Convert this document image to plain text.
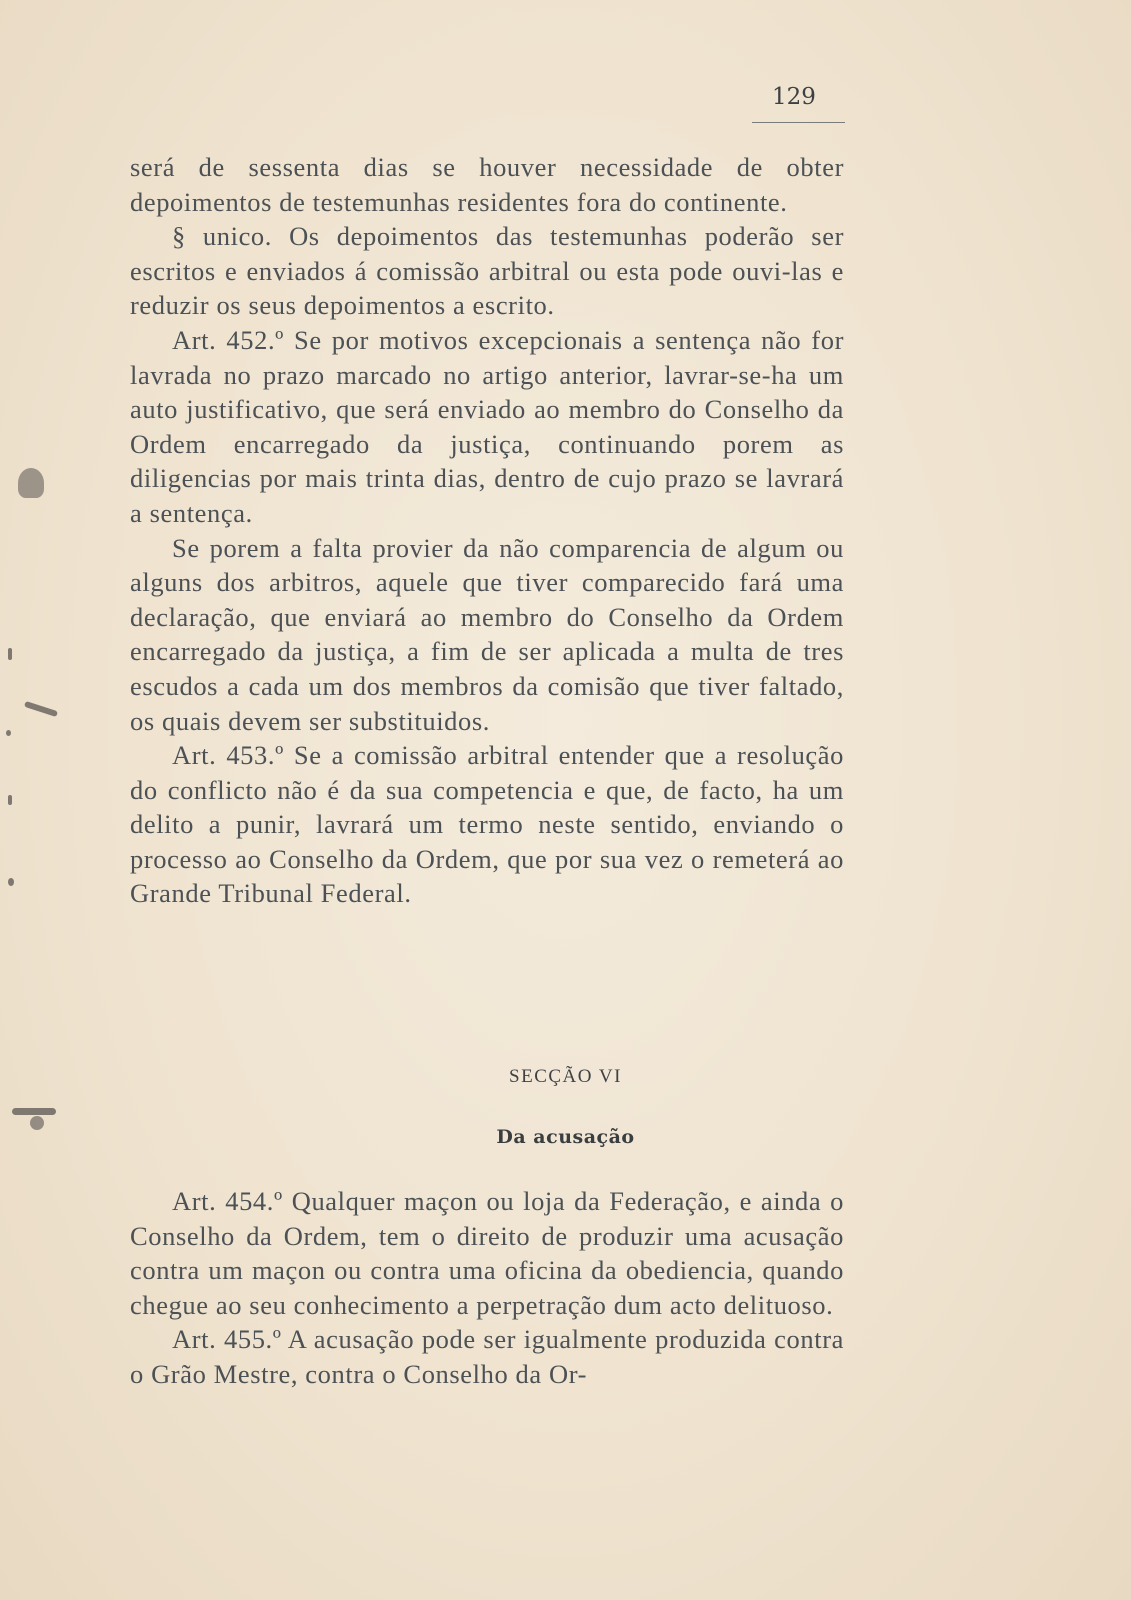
129

será de sessenta dias se houver necessidade de obter depoimentos de testemunhas residentes fora do continente.

§ unico. Os depoimentos das testemunhas poderão ser escritos e enviados á comissão arbitral ou esta pode ouvi-las e reduzir os seus depoimentos a escrito.

Art. 452.º Se por motivos excepcionais a sentença não for lavrada no prazo marcado no artigo anterior, lavrar-se-ha um auto justificativo, que será enviado ao membro do Conselho da Ordem encarregado da justiça, continuando porem as diligencias por mais trinta dias, dentro de cujo prazo se lavrará a sentença.

Se porem a falta provier da não comparencia de algum ou alguns dos arbitros, aquele que tiver comparecido fará uma declaração, que enviará ao membro do Conselho da Ordem encarregado da justiça, a fim de ser aplicada a multa de tres escudos a cada um dos membros da comisão que tiver faltado, os quais devem ser substituidos.

Art. 453.º Se a comissão arbitral entender que a resolução do conflicto não é da sua competencia e que, de facto, ha um delito a punir, lavrará um termo neste sentido, enviando o processo ao Conselho da Ordem, que por sua vez o remeterá ao Grande Tribunal Federal.

SECÇÃO VI
Da acusação

Art. 454.º Qualquer maçon ou loja da Federação, e ainda o Conselho da Ordem, tem o direito de produzir uma acusação contra um maçon ou contra uma oficina da obediencia, quando chegue ao seu conhecimento a perpetração dum acto delituoso.

Art. 455.º A acusação pode ser igualmente produzida contra o Grão Mestre, contra o Conselho da Or-
